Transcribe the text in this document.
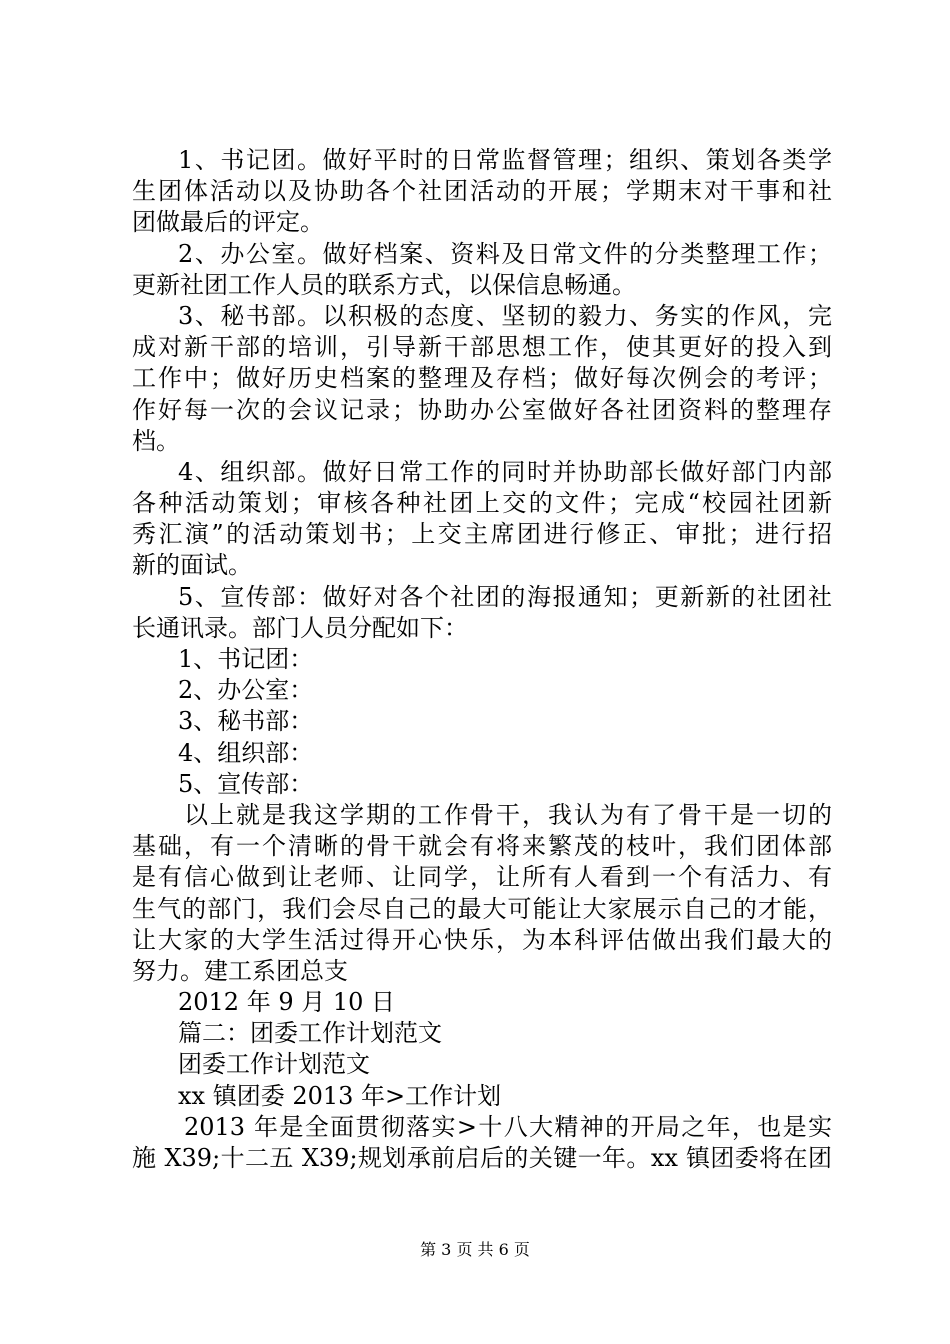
1、书记团。做好平时的日常监督管理；组织、策划各类学
生团体活动以及协助各个社团活动的开展；学期末对干事和社
团做最后的评定。
2、办公室。做好档案、资料及日常文件的分类整理工作；
更新社团工作人员的联系方式，以保信息畅通。
3、秘书部。以积极的态度、坚韧的毅力、务实的作风，完
成对新干部的培训，引导新干部思想工作，使其更好的投入到
工作中；做好历史档案的整理及存档；做好每次例会的考评；
作好每一次的会议记录；协助办公室做好各社团资料的整理存
档。
4、组织部。做好日常工作的同时并协助部长做好部门内部
各种活动策划；审核各种社团上交的文件；完成“校园社团新
秀汇演”的活动策划书；上交主席团进行修正、审批；进行招
新的面试。
5、宣传部：做好对各个社团的海报通知；更新新的社团社
长通讯录。部门人员分配如下：
1、书记团：
2、办公室：
3、秘书部：
4、组织部：
5、宣传部：
以上就是我这学期的工作骨干，我认为有了骨干是一切的
基础，有一个清晰的骨干就会有将来繁茂的枝叶，我们团体部
是有信心做到让老师、让同学，让所有人看到一个有活力、有
生气的部门，我们会尽自己的最大可能让大家展示自己的才能，
让大家的大学生活过得开心快乐，为本科评估做出我们最大的
努力。建工系团总支
2012 年 9 月 10 日
篇二：团委工作计划范文
团委工作计划范文
xx 镇团委 2013 年>工作计划
2013 年是全面贯彻落实>十八大精神的开局之年，也是实
施 X39;十二五 X39;规划承前启后的关键一年。xx 镇团委将在团
第 3 页 共 6 页
